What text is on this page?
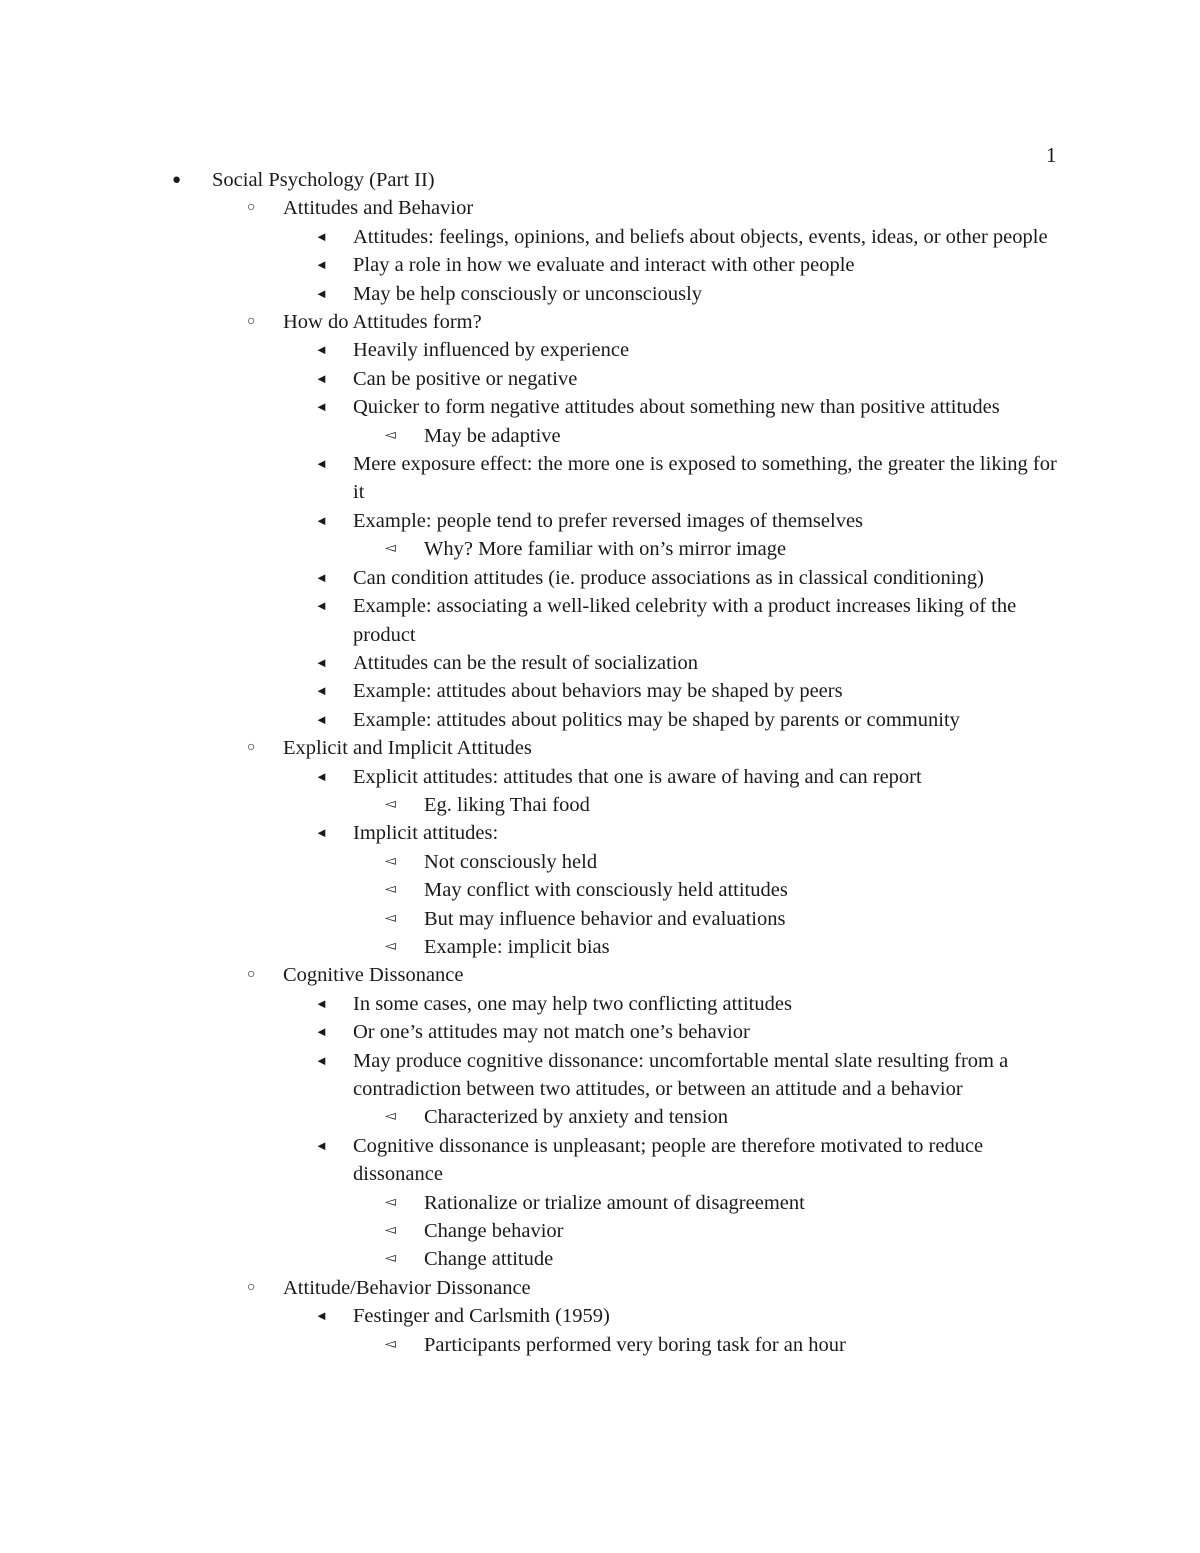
1
●	Social Psychology (Part II)
○	Attitudes and Behavior
◄	Attitudes: feelings, opinions, and beliefs about objects, events, ideas, or other people
◄	Play a role in how we evaluate and interact with other people
◄	May be help consciously or unconsciously
○	How do Attitudes form?
◄	Heavily influenced by experience
◄	Can be positive or negative
◄	Quicker to form negative attitudes about something new than positive attitudes
◅	May be adaptive
◄	Mere exposure effect: the more one is exposed to something, the greater the liking for it
◄	Example: people tend to prefer reversed images of themselves
◅	Why? More familiar with on’s mirror image
◄	Can condition attitudes (ie. produce associations as in classical conditioning)
◄	Example: associating a well-liked celebrity with a product increases liking of the product
◄	Attitudes can be the result of socialization
◄	Example: attitudes about behaviors may be shaped by peers
◄	Example: attitudes about politics may be shaped by parents or community
○	Explicit and Implicit Attitudes
◄	Explicit attitudes: attitudes that one is aware of having and can report
◅	Eg. liking Thai food
◄	Implicit attitudes:
◅	Not consciously held
◅	May conflict with consciously held attitudes
◅	But may influence behavior and evaluations
◅	Example: implicit bias
○	Cognitive Dissonance
◄	In some cases, one may help two conflicting attitudes
◄	Or one’s attitudes may not match one’s behavior
◄	May produce cognitive dissonance: uncomfortable mental slate resulting from a contradiction between two attitudes, or between an attitude and a behavior
◅	Characterized by anxiety and tension
◄	Cognitive dissonance is unpleasant; people are therefore motivated to reduce dissonance
◅	Rationalize or trialize amount of disagreement
◅	Change behavior
◅	Change attitude
○	Attitude/Behavior Dissonance
◄	Festinger and Carlsmith (1959)
◅	Participants performed very boring task for an hour
